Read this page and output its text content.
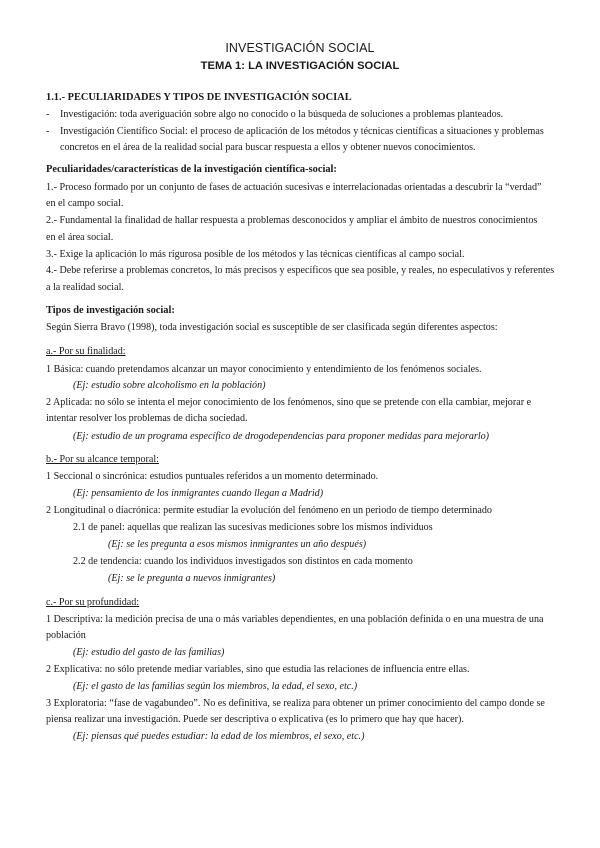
INVESTIGACIÓN SOCIAL
TEMA 1: LA INVESTIGACIÓN SOCIAL
1.1.- PECULIARIDADES Y TIPOS DE INVESTIGACIÓN SOCIAL
- Investigación: toda averiguación sobre algo no conocido o la búsqueda de soluciones a problemas planteados.
- Investigación Científico Social: el proceso de aplicación de los métodos y técnicas científicas a situaciones y problemas
concretos en el área de la realidad social para buscar respuesta a ellos y obtener nuevos conocimientos.
Peculiaridades/características de la investigación científica-social:
1.- Proceso formado por un conjunto de fases de actuación sucesivas e interrelacionadas orientadas a descubrir la “verdad”
en el campo social.
2.- Fundamental la finalidad de hallar respuesta a problemas desconocidos y ampliar el ámbito de nuestros conocimientos
en el área social.
3.- Exige la aplicación lo más rigurosa posible de los métodos y las técnicas científicas al campo social.
4.- Debe referirse a problemas concretos, lo más precisos y específicos que sea posible, y reales, no especulativos y referentes
a la realidad social.
Tipos de investigación social:
Según Sierra Bravo (1998), toda investigación social es susceptible de ser clasificada según diferentes aspectos:
a.- Por su finalidad:
1 Básica: cuando pretendamos alcanzar un mayor conocimiento y entendimiento de los fenómenos sociales.
(Ej: estudio sobre alcoholismo en la población)
2 Aplicada: no sólo se intenta el mejor conocimiento de los fenómenos, sino que se pretende con ella cambiar, mejorar e
intentar resolver los problemas de dicha sociedad.
(Ej: estudio de un programa específico de drogodependencias para proponer medidas para mejorarlo)
b.- Por su alcance temporal:
1 Seccional o sincrónica: estudios puntuales referidos a un momento determinado.
(Ej: pensamiento de los inmigrantes cuando llegan a Madrid)
2 Longitudinal o diacrónica: permite estudiar la evolución del fenómeno en un periodo de tiempo determinado
2.1 de panel: aquellas que realizan las sucesivas mediciones sobre los mismos individuos
(Ej: se les pregunta a esos mismos inmigrantes un año después)
2.2 de tendencia: cuando los individuos investigados son distintos en cada momento
(Ej: se le pregunta a nuevos inmigrantes)
c.- Por su profundidad:
1 Descriptiva: la medición precisa de una o más variables dependientes, en una población definida o en una muestra de una
población
(Ej: estudio del gasto de las familias)
2 Explicativa: no sólo pretende mediar variables, sino que estudia las relaciones de influencia entre ellas.
(Ej: el gasto de las familias según los miembros, la edad, el sexo, etc.)
3 Exploratoria: “fase de vagabundeo”. No es definitiva, se realiza para obtener un primer conocimiento del campo donde se
piensa realizar una investigación. Puede ser descriptiva o explicativa (es lo primero que hay que hacer).
(Ej: piensas qué puedes estudiar: la edad de los miembros, el sexo, etc.)
